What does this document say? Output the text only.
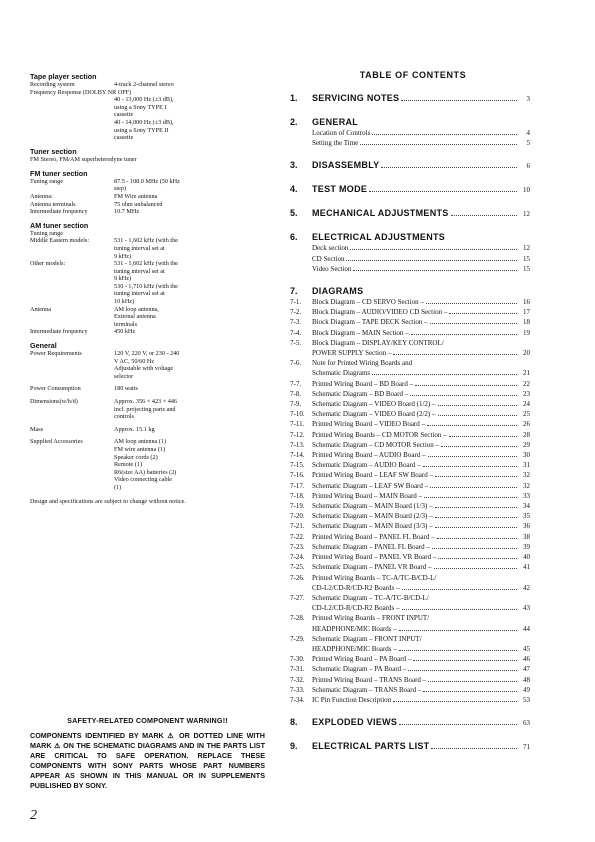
Tape player section
Recording system	4-track 2-channel stereo
Frequency Response (DOLBY NR OFF)
40 - 13,000 Hz (±3 dB),
using a Sony TYPE I
cassette
40 - 14,000 Hz (±3 dB),
using a Sony TYPE II
cassette
Tuner section
FM Stereo, FM/AM superheterodyne tuner
FM tuner section
Tuning range	87.5 - 108.0 MHz (50 kHz
step)
Antenna:	FM Wire antenna
Antenna terminals	75 ohm unbalanced
Intermediate frequency	10.7 MHz
AM tuner section
Tuning range
Middle Eastern models:	531 - 1,602 kHz (with the
tuning interval set at
9 kHz)
Other models:	531 - 1,602 kHz (with the
tuning interval set at
9 kHz)
530 - 1,710 kHz (with the
tuning interval set at
10 kHz)
Antenna	AM loop antenna,
External antenna
terminals
Intermediate frequency	450 kHz
General
Power Requirements	120 V, 220 V, or 230 - 240
V AC, 50/60 Hz
Adjustable with voltage
selector
Power Consumption	180 watts
Dimensions(w/h/d)	Approx. 356 × 423 × 446
incl. projecting parts and
controls
Mass	Approx. 15.1 kg
Supplied Accessories	AM loop antenna (1)
FM wire antenna (1)
Speaker cords (2)
Remote (1)
R6(size AA) batteries (2)
Video connecting cable
(1)
Design and specifications are subject to change without notice.
SAFETY-RELATED COMPONENT WARNING!!
COMPONENTS IDENTIFIED BY MARK ⚠ OR DOTTED LINE WITH MARK ⚠ ON THE SCHEMATIC DIAGRAMS AND IN THE PARTS LIST ARE CRITICAL TO SAFE OPERATION. REPLACE THESE COMPONENTS WITH SONY PARTS WHOSE PART NUMBERS APPEAR AS SHOWN IN THIS MANUAL OR IN SUPPLEMENTS PUBLISHED BY SONY.
2
TABLE OF CONTENTS
1.	SERVICING NOTES	3
2.	GENERAL
Location of Controls	4
Setting the Time	5
3.	DISASSEMBLY	6
4.	TEST MODE	10
5.	MECHANICAL ADJUSTMENTS	12
6.	ELECTRICAL ADJUSTMENTS
Deck section	12
CD Section	15
Video Section	15
7.	DIAGRAMS
7-1.	Block Diagram – CD SERVO Section –	16
7-2.	Block Diagram – AUDIO/VIDEO CD Section –	17
7-3.	Block Diagram – TAPE DECK Section –	18
7-4.	Block Diagram – MAIN Section –	19
7-5.	Block Diagram – DISPLAY/KEY CONTROL/
POWER SUPPLY Section –	20
7-6.	Note for Printed Wiring Boards and
Schematic Diagrams	21
7-7.	Printed Wiring Board – BD Board –	22
7-8.	Schematic Diagram – BD Board –	23
7-9.	Schematic Diagram – VIDEO Board (1/2) –	24
7-10.	Schematic Diagram – VIDEO Board (2/2) –	25
7-11.	Printed Wiring Board – VIDEO Board –	26
7-12.	Printed Wiring Boards – CD MOTOR Section –	28
7-13.	Schematic Diagram – CD MOTOR Section –	29
7-14.	Printed Wiring Board – AUDIO Board –	30
7-15.	Schematic Diagram – AUDIO Board –	31
7-16.	Printed Wiring Board – LEAF SW Board –	32
7-17.	Schematic Diagram – LEAF SW Board –	32
7-18.	Printed Wiring Board – MAIN Board –	33
7-19.	Schematic Diagram – MAIN Board (1/3) –	34
7-20.	Schematic Diagram – MAIN Board (2/3) –	35
7-21.	Schematic Diagram – MAIN Board (3/3) –	36
7-22.	Printed Wiring Board – PANEL FL Board –	38
7-23.	Schematic Diagram – PANEL FL Board –	39
7-24.	Printed Wiring Board – PANEL VR Board –	40
7-25.	Schematic Diagram – PANEL VR Board –	41
7-26.	Printed Wiring Boards – TC-A/TC-B/CD-L/
CD-L2/CD-R/CD-R2 Boards –	42
7-27.	Schematic Diagram – TC-A/TC-B/CD-L/
CD-L2/CD-R/CD-R2 Boards –	43
7-28.	Printed Wiring Boards – FRONT INPUT/
HEADPHONE/MIC Boards –	44
7-29.	Schematic Diagram – FRONT INPUT/
HEADPHONE/MIC Boards –	45
7-30.	Printed Wiring Board – PA Board –	46
7-31.	Schematic Diagram – PA Board –	47
7-32.	Printed Wiring Board – TRANS Board –	48
7-33.	Schematic Diagram – TRANS Board –	49
7-34.	IC Pin Function Description	53
8.	EXPLODED VIEWS	63
9.	ELECTRICAL PARTS LIST	71
